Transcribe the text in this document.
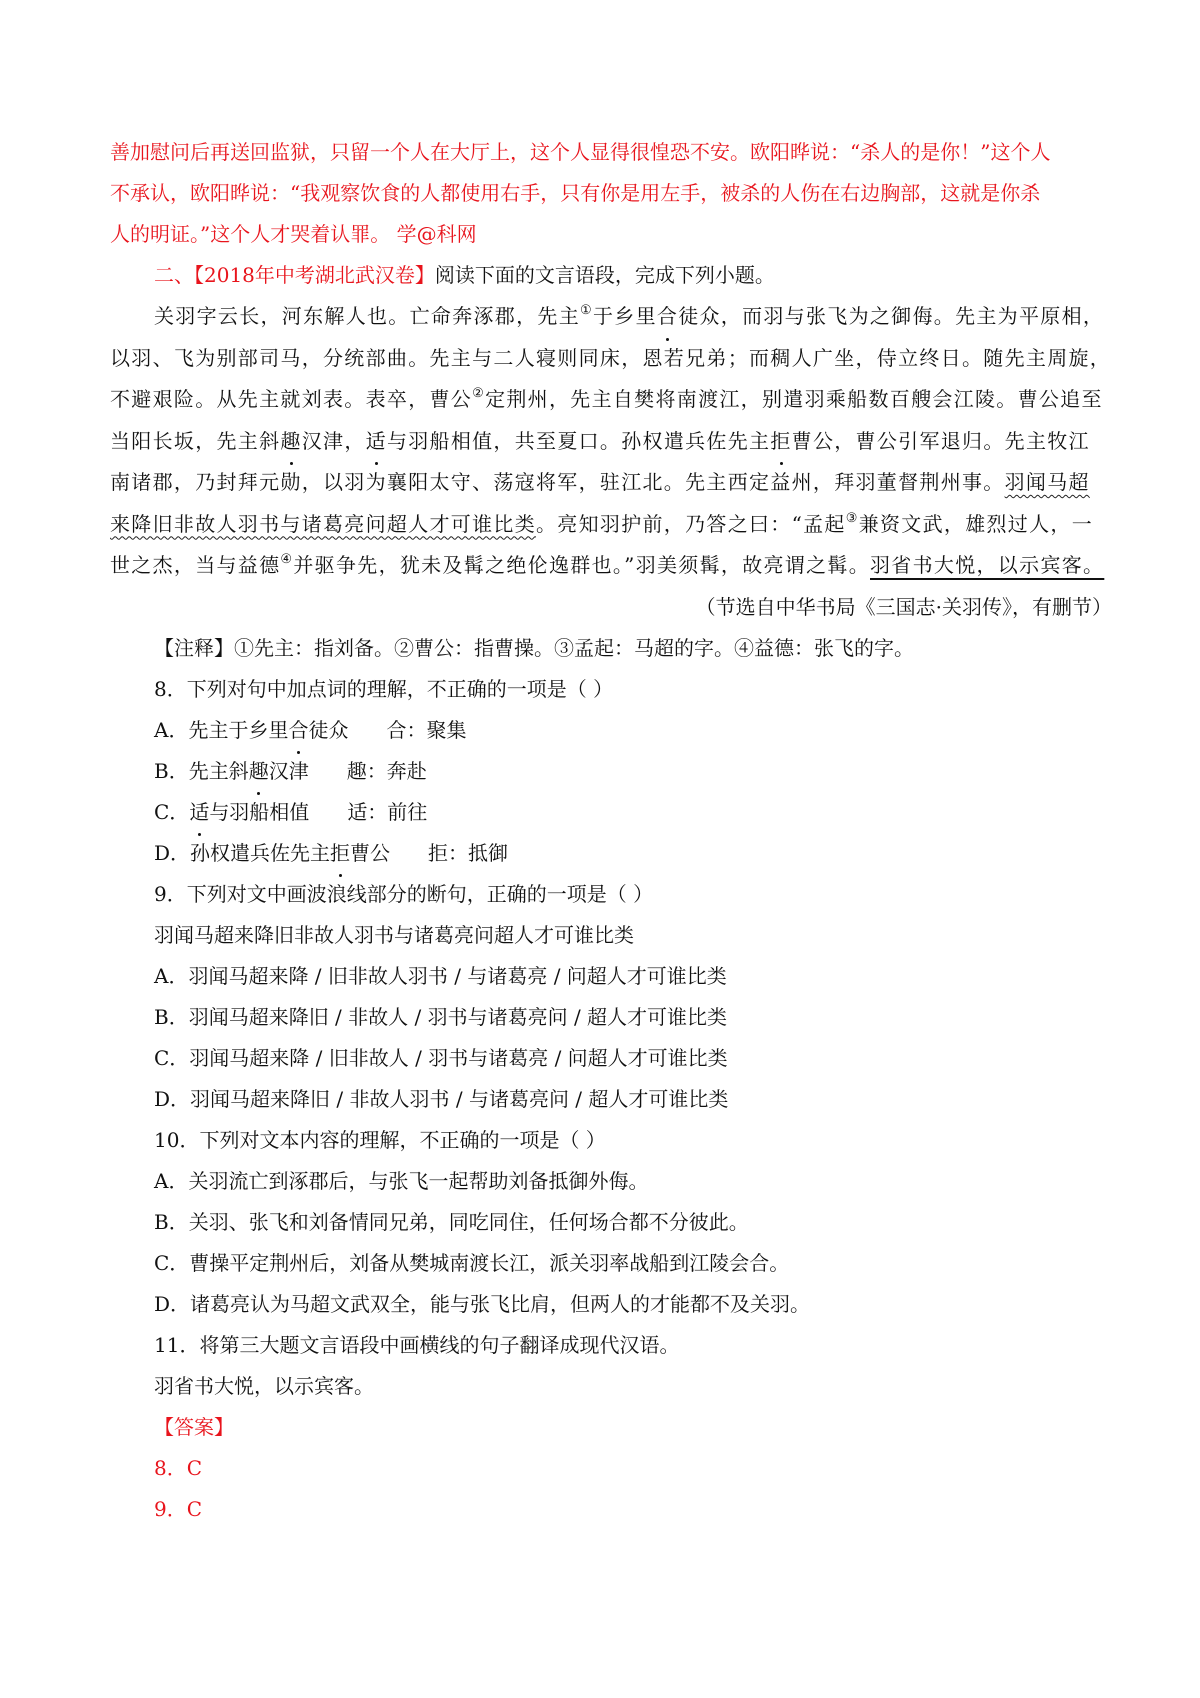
善加慰问后再送回监狱，只留一个人在大厅上，这个人显得很惶恐不安。欧阳晔说：“杀人的是你！”这个人
不承认，欧阳晔说：“我观察饮食的人都使用右手，只有你是用左手，被杀的人伤在右边胸部，这就是你杀
人的明证。”这个人才哭着认罪。 学@科网
二、【2018年中考湖北武汉卷】阅读下面的文言语段，完成下列小题。
关羽字云长，河东解人也。亡命奔涿郡，先主①于乡里合徒众，而羽与张飞为之御侮。先主为平原相，
以羽、飞为别部司马，分统部曲。先主与二人寝则同床，恩若兄弟；而稠人广坐，侍立终日。随先主周旋，
不避艰险。从先主就刘表。表卒，曹公②定荆州，先主自樊将南渡江，别遣羽乘船数百艘会江陵。曹公追至
当阳长坂，先主斜趣汉津，适与羽船相值，共至夏口。孙权遣兵佐先主拒曹公，曹公引军退归。先主牧江
南诸郡，乃封拜元勋，以羽为襄阳太守、荡寇将军，驻江北。先主西定益州，拜羽董督荆州事。羽闻马超
来降旧非故人羽书与诸葛亮问超人才可谁比类。亮知羽护前，乃答之曰：“孟起③兼资文武，雄烈过人，一
世之杰，当与益德④并驱争先，犹未及髯之绝伦逸群也。”羽美须髯，故亮谓之髯。羽省书大悦，以示宾客。
（节选自中华书局《三国志·关羽传》，有删节）
【注释】①先主：指刘备。②曹公：指曹操。③孟起：马超的字。④益德：张飞的字。
8．下列对句中加点词的理解，不正确的一项是（ ）
A．先主于乡里合徒众 合：聚集
B．先主斜趣汉津 趣：奔赴
C．适与羽船相值 适：前往
D．孙权遣兵佐先主拒曹公 拒：抵御
9．下列对文中画波浪线部分的断句，正确的一项是（ ）
羽闻马超来降旧非故人羽书与诸葛亮问超人才可谁比类
A．羽闻马超来降 / 旧非故人羽书 / 与诸葛亮 / 问超人才可谁比类
B．羽闻马超来降旧 / 非故人 / 羽书与诸葛亮问 / 超人才可谁比类
C．羽闻马超来降 / 旧非故人 / 羽书与诸葛亮 / 问超人才可谁比类
D．羽闻马超来降旧 / 非故人羽书 / 与诸葛亮问 / 超人才可谁比类
10．下列对文本内容的理解，不正确的一项是（ ）
A．关羽流亡到涿郡后，与张飞一起帮助刘备抵御外侮。
B．关羽、张飞和刘备情同兄弟，同吃同住，任何场合都不分彼此。
C．曹操平定荆州后，刘备从樊城南渡长江，派关羽率战船到江陵会合。
D．诸葛亮认为马超文武双全，能与张飞比肩，但两人的才能都不及关羽。
11．将第三大题文言语段中画横线的句子翻译成现代汉语。
羽省书大悦，以示宾客。
【答案】
8．C
9．C
